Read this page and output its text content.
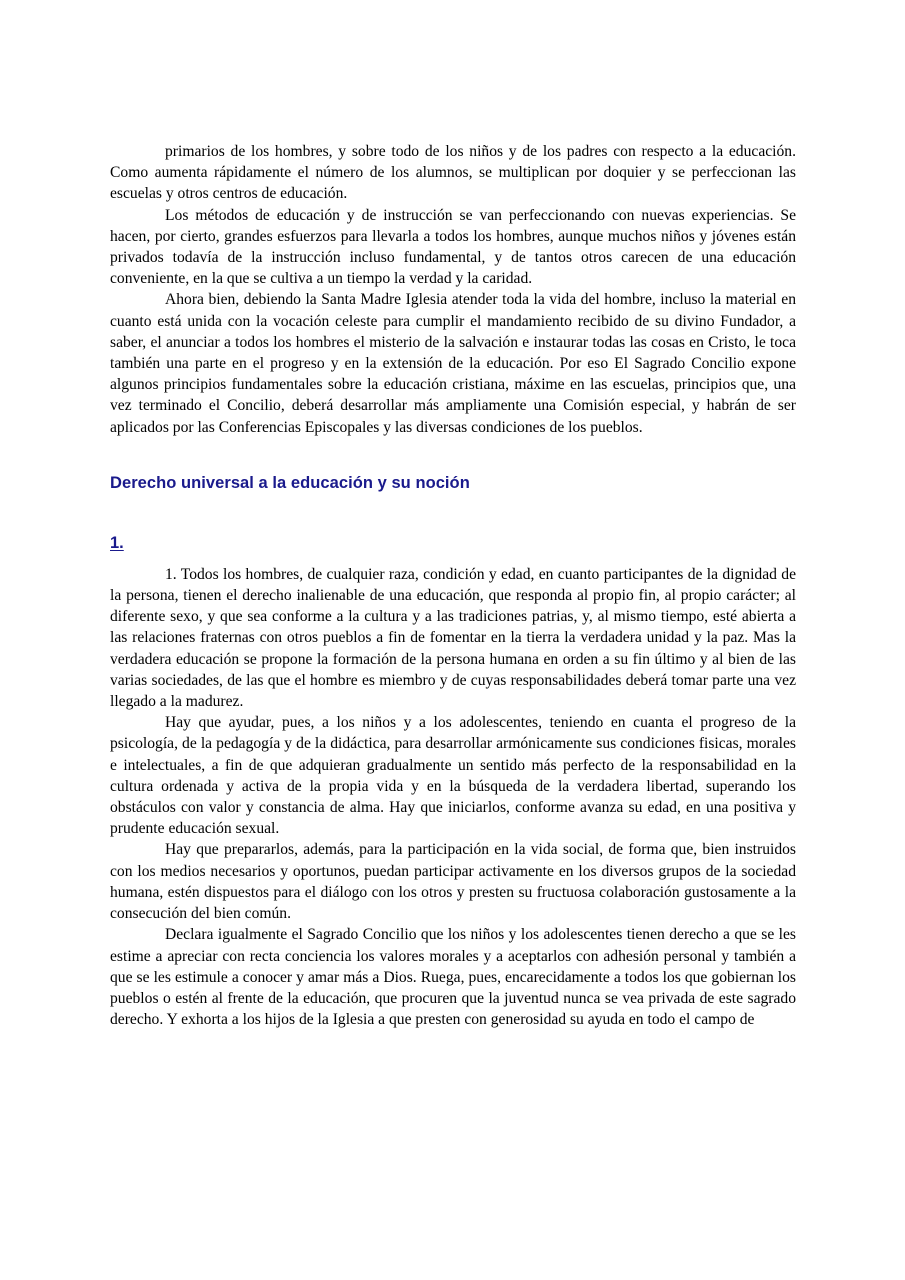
primarios de los hombres, y sobre todo de los niños y de los padres con respecto a la educación. Como aumenta rápidamente el número de los alumnos, se multiplican por doquier y se perfeccionan las escuelas y otros centros de educación.

Los métodos de educación y de instrucción se van perfeccionando con nuevas experiencias. Se hacen, por cierto, grandes esfuerzos para llevarla a todos los hombres, aunque muchos niños y jóvenes están privados todavía de la instrucción incluso fundamental, y de tantos otros carecen de una educación conveniente, en la que se cultiva a un tiempo la verdad y la caridad.

Ahora bien, debiendo la Santa Madre Iglesia atender toda la vida del hombre, incluso la material en cuanto está unida con la vocación celeste para cumplir el mandamiento recibido de su divino Fundador, a saber, el anunciar a todos los hombres el misterio de la salvación e instaurar todas las cosas en Cristo, le toca también una parte en el progreso y en la extensión de la educación. Por eso El Sagrado Concilio expone algunos principios fundamentales sobre la educación cristiana, máxime en las escuelas, principios que, una vez terminado el Concilio, deberá desarrollar más ampliamente una Comisión especial, y habrán de ser aplicados por las Conferencias Episcopales y las diversas condiciones de los pueblos.

Derecho universal a la educación y su noción
1.

1. Todos los hombres, de cualquier raza, condición y edad, en cuanto participantes de la dignidad de la persona, tienen el derecho inalienable de una educación, que responda al propio fin, al propio carácter; al diferente sexo, y que sea conforme a la cultura y a las tradiciones patrias, y, al mismo tiempo, esté abierta a las relaciones fraternas con otros pueblos a fin de fomentar en la tierra la verdadera unidad y la paz. Mas la verdadera educación se propone la formación de la persona humana en orden a su fin último y al bien de las varias sociedades, de las que el hombre es miembro y de cuyas responsabilidades deberá tomar parte una vez llegado a la madurez.

Hay que ayudar, pues, a los niños y a los adolescentes, teniendo en cuanta el progreso de la psicología, de la pedagogía y de la didáctica, para desarrollar armónicamente sus condiciones fisicas, morales e intelectuales, a fin de que adquieran gradualmente un sentido más perfecto de la responsabilidad en la cultura ordenada y activa de la propia vida y en la búsqueda de la verdadera libertad, superando los obstáculos con valor y constancia de alma. Hay que iniciarlos, conforme avanza su edad, en una positiva y prudente educación sexual.

Hay que prepararlos, además, para la participación en la vida social, de forma que, bien instruidos con los medios necesarios y oportunos, puedan participar activamente en los diversos grupos de la sociedad humana, estén dispuestos para el diálogo con los otros y presten su fructuosa colaboración gustosamente a la consecución del bien común.

Declara igualmente el Sagrado Concilio que los niños y los adolescentes tienen derecho a que se les estime a apreciar con recta conciencia los valores morales y a aceptarlos con adhesión personal y también a que se les estimule a conocer y amar más a Dios. Ruega, pues, encarecidamente a todos los que gobiernan los pueblos o estén al frente de la educación, que procuren que la juventud nunca se vea privada de este sagrado derecho. Y exhorta a los hijos de la Iglesia a que presten con generosidad su ayuda en todo el campo de
